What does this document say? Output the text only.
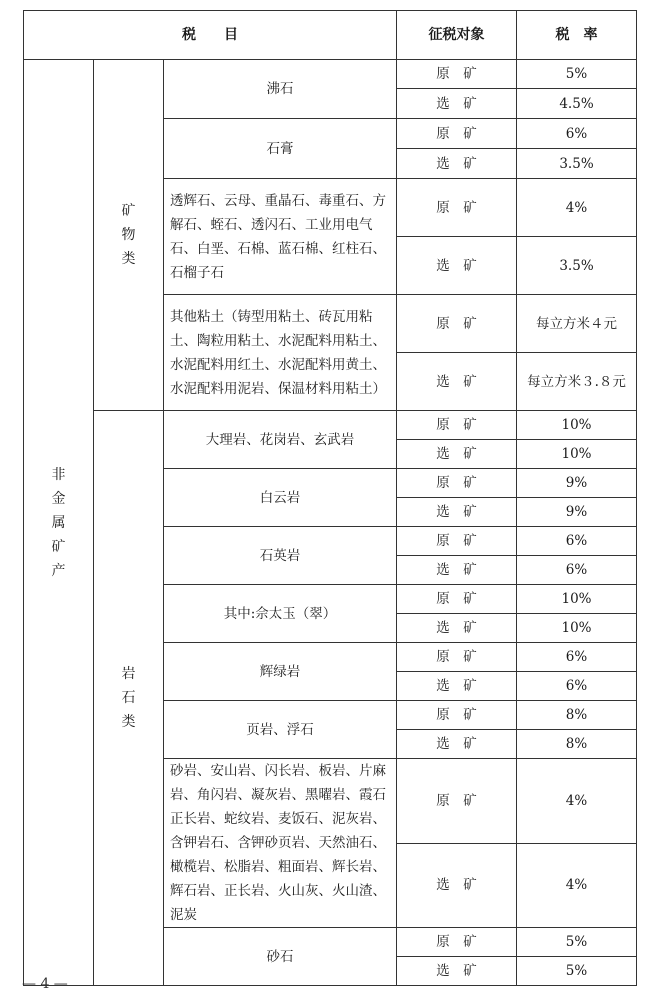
税　　目			征税对象	税　率

非金属矿产	矿物类	沸石	原　矿	5%
			选　矿	4.5%
		石膏	原　矿	6%
			选　矿	3.5%
		透辉石、云母、重晶石、毒重石、方解石、蛭石、透闪石、工业用电气石、白垩、石棉、蓝石棉、红柱石、石榴子石	原　矿	4%
			选　矿	3.5%
		其他粘土（铸型用粘土、砖瓦用粘土、陶粒用粘土、水泥配料用粘土、水泥配料用红土、水泥配料用黄土、水泥配料用泥岩、保温材料用粘土）	原　矿	每立方米４元
			选　矿	每立方米３.８元

	岩石类	大理岩、花岗岩、玄武岩	原　矿	10%
			选　矿	10%
		白云岩	原　矿	9%
			选　矿	9%
		石英岩	原　矿	6%
			选　矿	6%
		其中:佘太玉（翠）	原　矿	10%
			选　矿	10%
		辉绿岩	原　矿	6%
			选　矿	6%
		页岩、浮石	原　矿	8%
			选　矿	8%
		砂岩、安山岩、闪长岩、板岩、片麻岩、角闪岩、凝灰岩、黑曜岩、霞石正长岩、蛇纹岩、麦饭石、泥灰岩、含钾岩石、含钾砂页岩、天然油石、橄榄岩、松脂岩、粗面岩、辉长岩、辉石岩、正长岩、火山灰、火山渣、泥炭	原　矿	4%
			选　矿	4%
		砂石	原　矿	5%
			选　矿	5%
— 4 —
